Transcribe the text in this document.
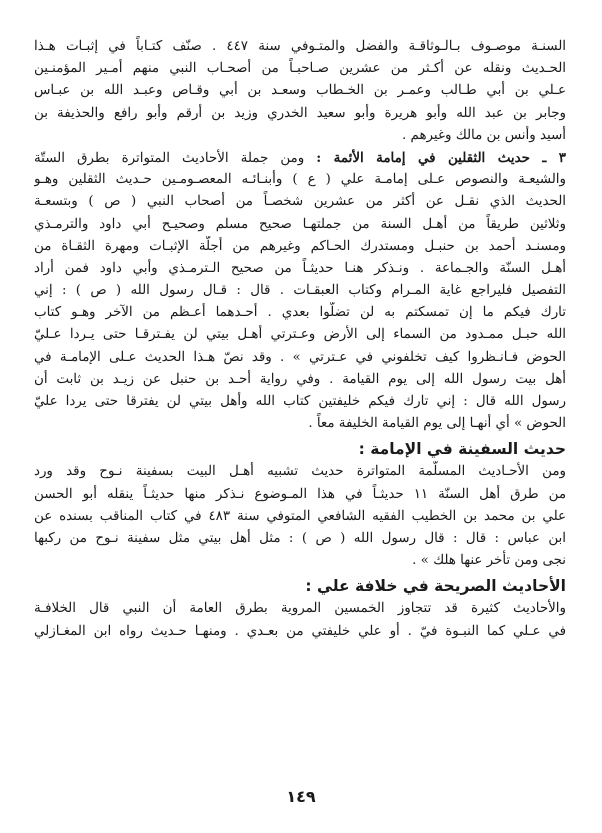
السنـة موصـوف بـالـوثاقـة والفضل والمتـوفي سنة ٤٤٧ . صنّف كتـاباً في إثبـات هـذا
الحـديث ونقله عن أكـثر من عشرين صـاحبـاً من أصحـاب النبي منهم أمـير المؤمنـين
عـلي بن أبي طـالب وعمـر بن الخـطاب وسعـد بن أبي وقـاص وعبـد الله بن عبـاس
وجابر بن عبد الله وأبو هريرة وأبو سعيد الخدري وزيد بن أرقم وأبو رافع والحذيفة بن
أسيد وأنس بن مالك وغيرهم .
٣ ـ حديث الثقلين في إمامة الأئمة : ومن جملة الأحاديث المتواترة بطرق الستّة
والشيعـة والنصوص عـلى إمامـة علي ( ع ) وأبنـائـه المعصـومـين حـديث الثقلين وهـو
الحديث الذي نقـل عن أكثر من عشرين شخصـاً من أصحاب النبي ( ص ) وبتسعـة
وثلاثين طريقاً من أهـل السنة من جملتهـا صحيح مسلم وصحيـح أبي داود والترمـذي
ومسنـد أحمد بن حنبـل ومستدرك الحـاكم وغيرهم من أجلّة الإثبـات ومهرة الثقـاة من
أهـل السنّة والجـماعة . ونـذكر هنـا حديثـاً من صحيح الـترمـذي وأبي داود فمن أراد
التفصيل فليراجع غاية المـرام وكتاب العبقـات . قال : قـال رسول الله ( ص ) : إني
تارك فيكم ما إن تمسكتم به لن تضلّوا بعدي . أحـدهما أعـظم من الآخر وهـو كتاب
الله حبـل ممـدود من السماء إلى الأرض وعـترتي أهـل بيتي لن يفـترقـا حتى يـردا عـليّ
الحوض فـانـظروا كيف تخلفوني في عـترتي » . وقد نصّ هـذا الحديث عـلى الإمامـة في
أهل بيت رسول الله إلى يوم القيامة . وفي رواية أحـد بن حنبل عن زيـد بن ثابت أن
رسول الله قال : إني تارك فيكم خليفتين كتاب الله وأهل بيتي لن يفترقا حتى يردا عليّ
الحوض » أي أنهـا إلى يوم القيامة الخليفة معاً .
حديث السفينة في الإمامة :
ومن الأحـاديث المسلّمة المتواترة حديث تشبيه أهـل البيت بسفينة نـوح وقد ورد
من طرق أهل السنّة ١١ حديثـاً في هذا المـوضوع نـذكر منها حديثـاً ينقله أبو الحسن
علي بن محمد بن الخطيب الفقيه الشافعي المتوفي سنة ٤٨٣ في كتاب المناقب بسنده عن
ابن عباس : قال : قال رسول الله ( ص ) : مثل أهل بيتي مثل سفينة نـوح من ركبها
نجى ومن تأخر عنها هلك » .
الأحاديث الصريحة في خلافة علي :
والأحاديث كثيرة قد تتجاوز الخمسين المروية بطرق العامة أن النبي قال الخلافـة
في عـلي كما النبـوة فيّ . أو علي خليفتي من بعـدي . ومنهـا حـديث رواه ابن المغـازلي
١٤٩
